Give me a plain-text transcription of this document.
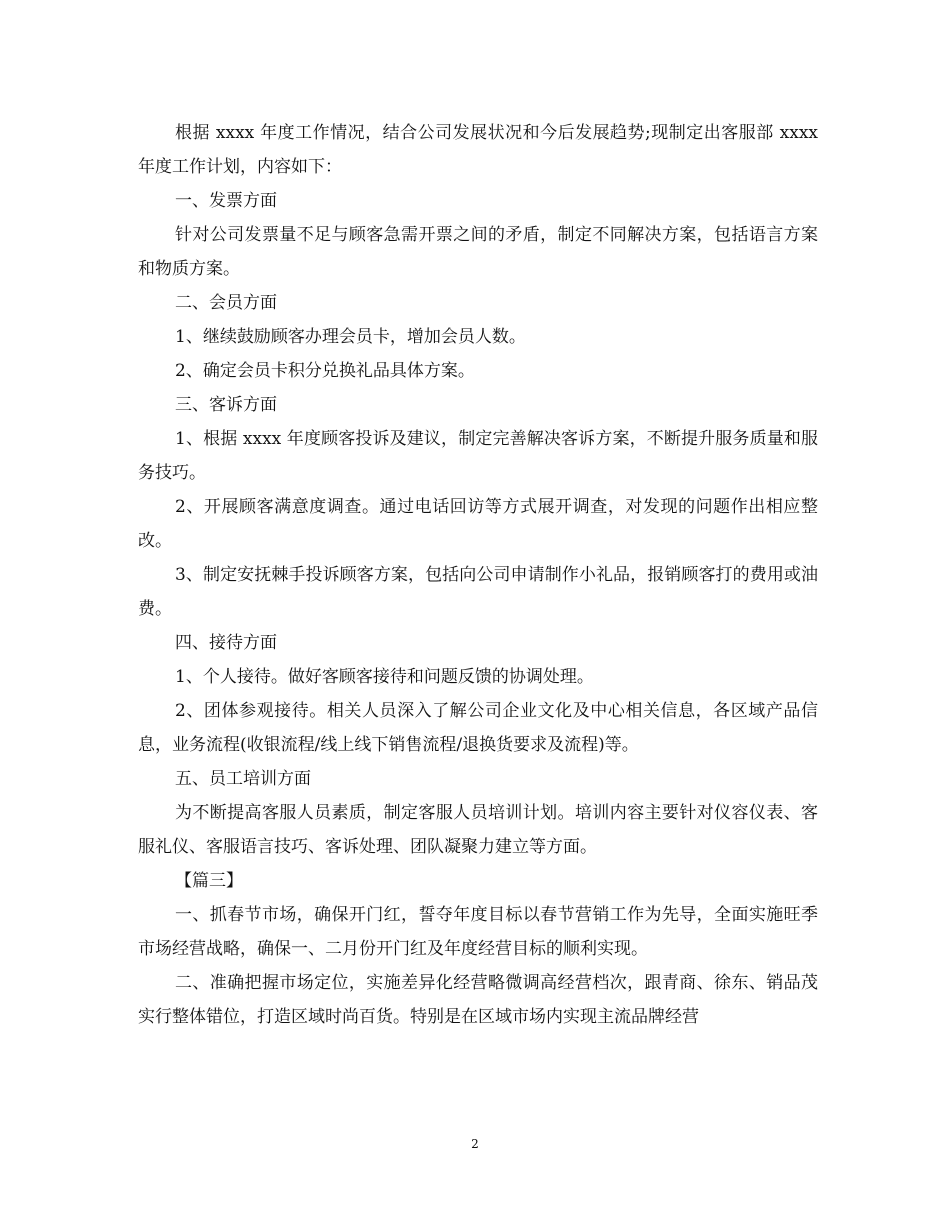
根据 xxxx 年度工作情况，结合公司发展状况和今后发展趋势;现制定出客服部 xxxx 年度工作计划，内容如下：

一、发票方面

针对公司发票量不足与顾客急需开票之间的矛盾，制定不同解决方案，包括语言方案和物质方案。

二、会员方面

1、继续鼓励顾客办理会员卡，增加会员人数。

2、确定会员卡积分兑换礼品具体方案。

三、客诉方面

1、根据 xxxx 年度顾客投诉及建议，制定完善解决客诉方案，不断提升服务质量和服务技巧。

2、开展顾客满意度调查。通过电话回访等方式展开调查，对发现的问题作出相应整改。

3、制定安抚棘手投诉顾客方案，包括向公司申请制作小礼品，报销顾客打的费用或油费。

四、接待方面

1、个人接待。做好客顾客接待和问题反馈的协调处理。

2、团体参观接待。相关人员深入了解公司企业文化及中心相关信息，各区域产品信息，业务流程(收银流程/线上线下销售流程/退换货要求及流程)等。

五、员工培训方面

为不断提高客服人员素质，制定客服人员培训计划。培训内容主要针对仪容仪表、客服礼仪、客服语言技巧、客诉处理、团队凝聚力建立等方面。

【篇三】

一、抓春节市场，确保开门红，誓夺年度目标以春节营销工作为先导，全面实施旺季市场经营战略，确保一、二月份开门红及年度经营目标的顺利实现。

二、准确把握市场定位，实施差异化经营略微调高经营档次，跟青商、徐东、销品茂实行整体错位，打造区域时尚百货。特别是在区域市场内实现主流品牌经营

2
